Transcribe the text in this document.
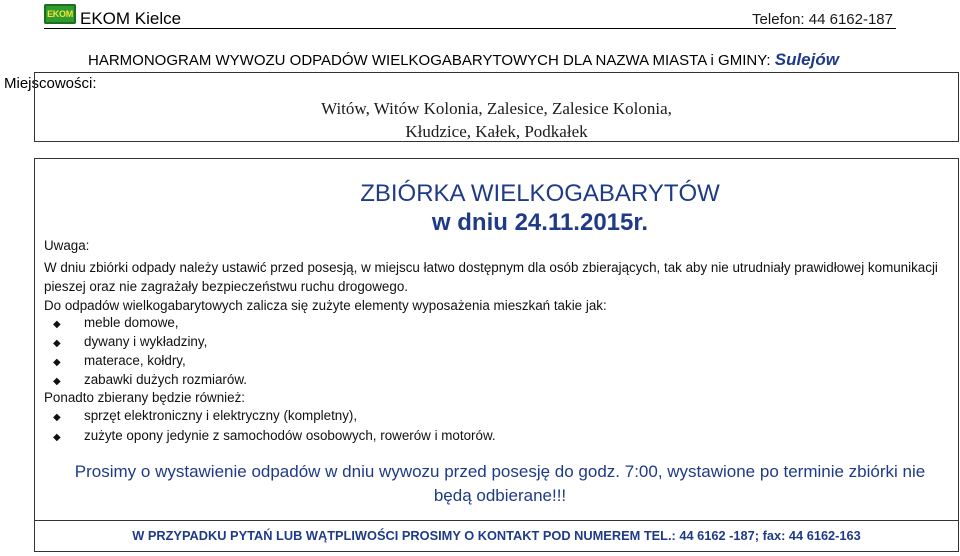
EKOM EKOM Kielce	Telefon: 44 6162-187
HARMONOGRAM WYWOZU ODPADÓW WIELKOGABARYTOWYCH DLA NAZWA MIASTA i GMINY: Sulejów
Miejscowości:
Witów, Witów Kolonia, Zalesice, Zalesice Kolonia,
Kłudzice, Kałek, Podkałek
ZBIÓRKA WIELKOGABARYTÓW
w dniu 24.11.2015r.
Uwaga:
W dniu zbiórki odpady należy ustawić przed posesją, w miejscu łatwo dostępnym dla osób zbierających, tak aby nie utrudniały prawidłowej komunikacji pieszej oraz nie zagrażały bezpieczeństwu ruchu drogowego.
Do odpadów wielkogabarytowych zalicza się zużyte elementy wyposażenia mieszkań takie jak:
◆ meble domowe,
◆ dywany i wykładziny,
◆ materace, kołdry,
◆ zabawki dużych rozmiarów.
Ponadto zbierany będzie również:
◆ sprzęt elektroniczny i elektryczny (kompletny),
◆ zużyte opony jedynie z samochodów osobowych, rowerów i motorów.
Prosimy o wystawienie odpadów w dniu wywozu przed posesję do godz. 7:00, wystawione po terminie zbiórki nie będą odbierane!!!
W PRZYPADKU PYTAŃ LUB WĄTPLIWOŚCI PROSIMY O KONTAKT POD NUMEREM TEL.: 44 6162 -187; fax: 44 6162-163
